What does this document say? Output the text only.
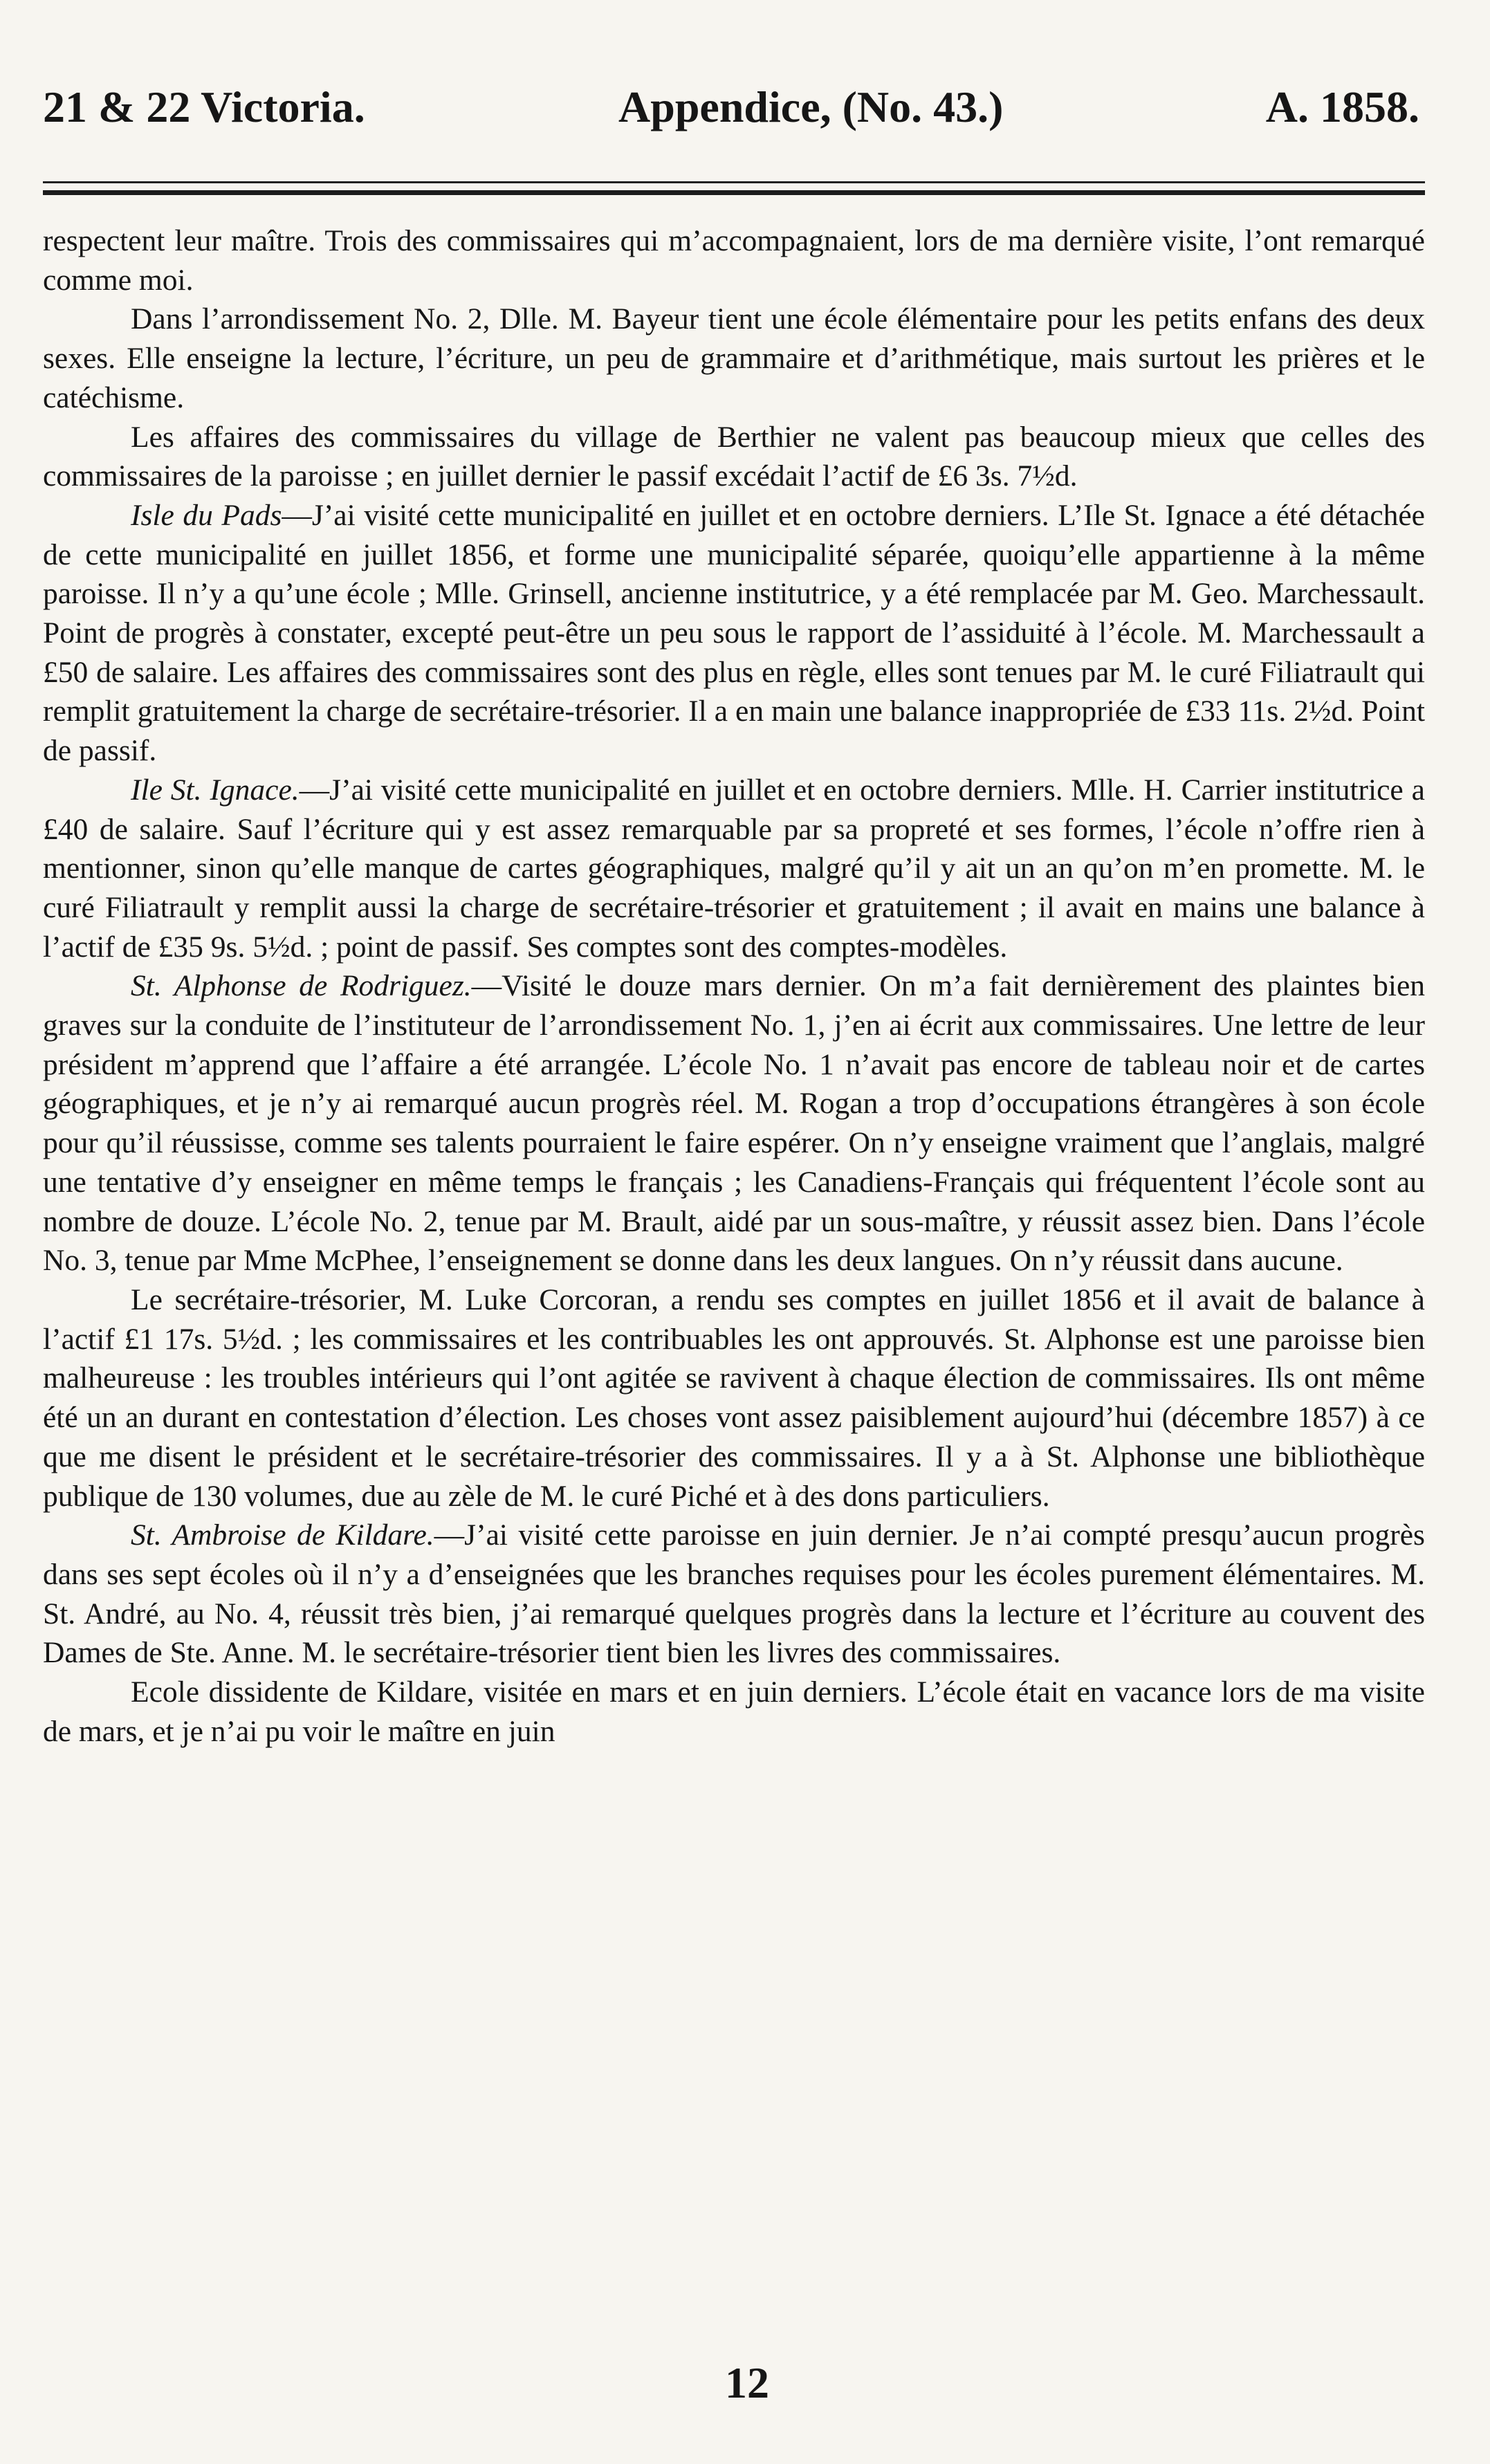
21 & 22 Victoria.	Appendice, (No. 43.)	A. 1858.

respectent leur maître. Trois des commissaires qui m’accompagnaient, lors de ma dernière visite, l’ont remarqué comme moi.

Dans l’arrondissement No. 2, Dlle. M. Bayeur tient une école élémentaire pour les petits enfans des deux sexes. Elle enseigne la lecture, l’écriture, un peu de grammaire et d’arithmétique, mais surtout les prières et le catéchisme.

Les affaires des commissaires du village de Berthier ne valent pas beaucoup mieux que celles des commissaires de la paroisse ; en juillet dernier le passif excédait l’actif de £6 3s. 7½d.

Isle du Pads—J’ai visité cette municipalité en juillet et en octobre derniers. L’Ile St. Ignace a été détachée de cette municipalité en juillet 1856, et forme une municipalité séparée, quoiqu’elle appartienne à la même paroisse. Il n’y a qu’une école ; Mlle. Grinsell, ancienne institutrice, y a été remplacée par M. Geo. Marchessault. Point de progrès à constater, excepté peut-être un peu sous le rapport de l’assiduité à l’école. M. Marchessault a £50 de salaire. Les affaires des commissaires sont des plus en règle, elles sont tenues par M. le curé Filiatrault qui remplit gratuitement la charge de secrétaire-trésorier. Il a en main une balance inappropriée de £33 11s. 2½d. Point de passif.

Ile St. Ignace.—J’ai visité cette municipalité en juillet et en octobre derniers. Mlle. H. Carrier institutrice a £40 de salaire. Sauf l’écriture qui y est assez remarquable par sa propreté et ses formes, l’école n’offre rien à mentionner, sinon qu’elle manque de cartes géographiques, malgré qu’il y ait un an qu’on m’en promette. M. le curé Filiatrault y remplit aussi la charge de secrétaire-trésorier et gratuitement ; il avait en mains une balance à l’actif de £35 9s. 5½d. ; point de passif. Ses comptes sont des comptes-modèles.

St. Alphonse de Rodriguez.—Visité le douze mars dernier. On m’a fait dernièrement des plaintes bien graves sur la conduite de l’instituteur de l’arrondissement No. 1, j’en ai écrit aux commissaires. Une lettre de leur président m’apprend que l’affaire a été arrangée. L’école No. 1 n’avait pas encore de tableau noir et de cartes géographiques, et je n’y ai remarqué aucun progrès réel. M. Rogan a trop d’occupations étrangères à son école pour qu’il réussisse, comme ses talents pourraient le faire espérer. On n’y enseigne vraiment que l’anglais, malgré une tentative d’y enseigner en même temps le français ; les Canadiens-Français qui fréquentent l’école sont au nombre de douze. L’école No. 2, tenue par M. Brault, aidé par un sous-maître, y réussit assez bien. Dans l’école No. 3, tenue par Mme McPhee, l’enseignement se donne dans les deux langues. On n’y réussit dans aucune.

Le secrétaire-trésorier, M. Luke Corcoran, a rendu ses comptes en juillet 1856 et il avait de balance à l’actif £1 17s. 5½d. ; les commissaires et les contribuables les ont approuvés. St. Alphonse est une paroisse bien malheureuse : les troubles intérieurs qui l’ont agitée se ravivent à chaque élection de commissaires. Ils ont même été un an durant en contestation d’élection. Les choses vont assez paisiblement aujourd’hui (décembre 1857) à ce que me disent le président et le secrétaire-trésorier des commissaires. Il y a à St. Alphonse une bibliothèque publique de 130 volumes, due au zèle de M. le curé Piché et à des dons particuliers.

St. Ambroise de Kildare.—J’ai visité cette paroisse en juin dernier. Je n’ai compté presqu’aucun progrès dans ses sept écoles où il n’y a d’enseignées que les branches requises pour les écoles purement élémentaires. M. St. André, au No. 4, réussit très bien, j’ai remarqué quelques progrès dans la lecture et l’écriture au couvent des Dames de Ste. Anne. M. le secrétaire-trésorier tient bien les livres des commissaires.

Ecole dissidente de Kildare, visitée en mars et en juin derniers. L’école était en vacance lors de ma visite de mars, et je n’ai pu voir le maître en juin

12
